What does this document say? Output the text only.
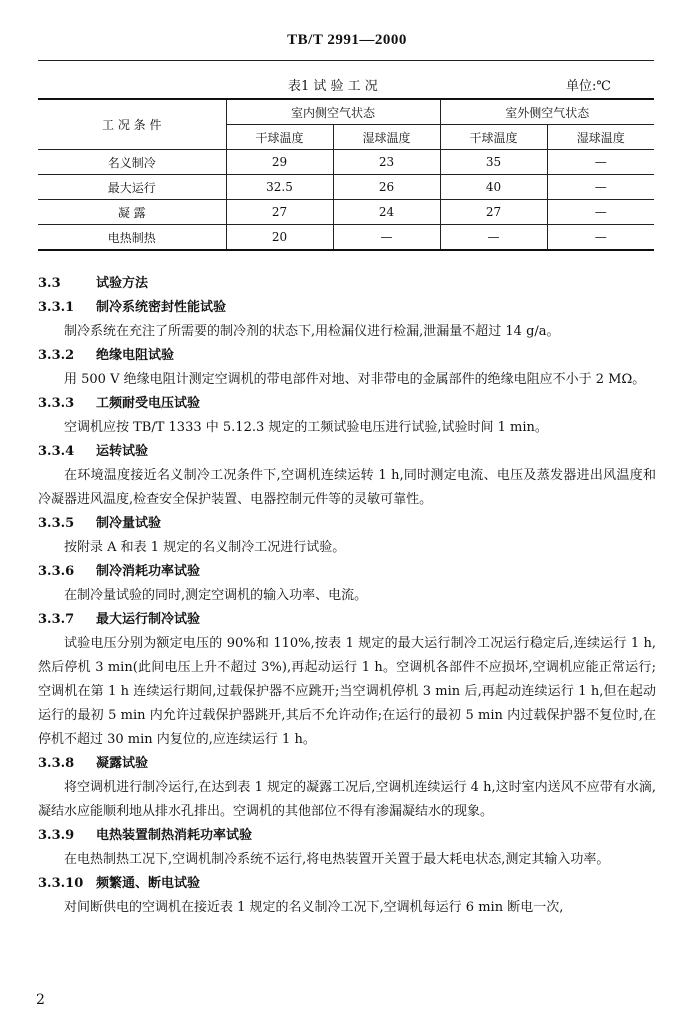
TB/T 2991—2000
表1 试 验 工 况	单位:℃
工 况 条 件	室内侧空气状态		室外侧空气状态	
	干球温度	湿球温度	干球温度	湿球温度
名义制冷	29	23	35	—
最大运行	32.5	26	40	—
凝 露	27	24	27	—
电热制热	20	—	—	—
3.3	试验方法
3.3.1 制冷系统密封性能试验
制冷系统在充注了所需要的制冷剂的状态下,用检漏仪进行检漏,泄漏量不超过 14 g/a。
3.3.2 绝缘电阻试验
用 500 V 绝缘电阻计测定空调机的带电部件对地、对非带电的金属部件的绝缘电阻应不小于 2 MΩ。
3.3.3 工频耐受电压试验
空调机应按 TB/T 1333 中 5.12.3 规定的工频试验电压进行试验,试验时间 1 min。
3.3.4 运转试验
在环境温度接近名义制冷工况条件下,空调机连续运转 1 h,同时测定电流、电压及蒸发器进出风温度和冷凝器进风温度,检查安全保护装置、电器控制元件等的灵敏可靠性。
3.3.5 制冷量试验
按附录 A 和表 1 规定的名义制冷工况进行试验。
3.3.6 制冷消耗功率试验
在制冷量试验的同时,测定空调机的输入功率、电流。
3.3.7 最大运行制冷试验
试验电压分别为额定电压的 90%和 110%,按表 1 规定的最大运行制冷工况运行稳定后,连续运行 1 h,然后停机 3 min(此间电压上升不超过 3%),再起动运行 1 h。空调机各部件不应损坏,空调机应能正常运行;空调机在第 1 h 连续运行期间,过载保护器不应跳开;当空调机停机 3 min 后,再起动连续运行 1 h,但在起动运行的最初 5 min 内允许过载保护器跳开,其后不允许动作;在运行的最初 5 min 内过载保护器不复位时,在停机不超过 30 min 内复位的,应连续运行 1 h。
3.3.8 凝露试验
将空调机进行制冷运行,在达到表 1 规定的凝露工况后,空调机连续运行 4 h,这时室内送风不应带有水滴,凝结水应能顺利地从排水孔排出。空调机的其他部位不得有渗漏凝结水的现象。
3.3.9 电热装置制热消耗功率试验
在电热制热工况下,空调机制冷系统不运行,将电热装置开关置于最大耗电状态,测定其输入功率。
3.3.10 频繁通、断电试验
对间断供电的空调机在接近表 1 规定的名义制冷工况下,空调机每运行 6 min 断电一次,
2
